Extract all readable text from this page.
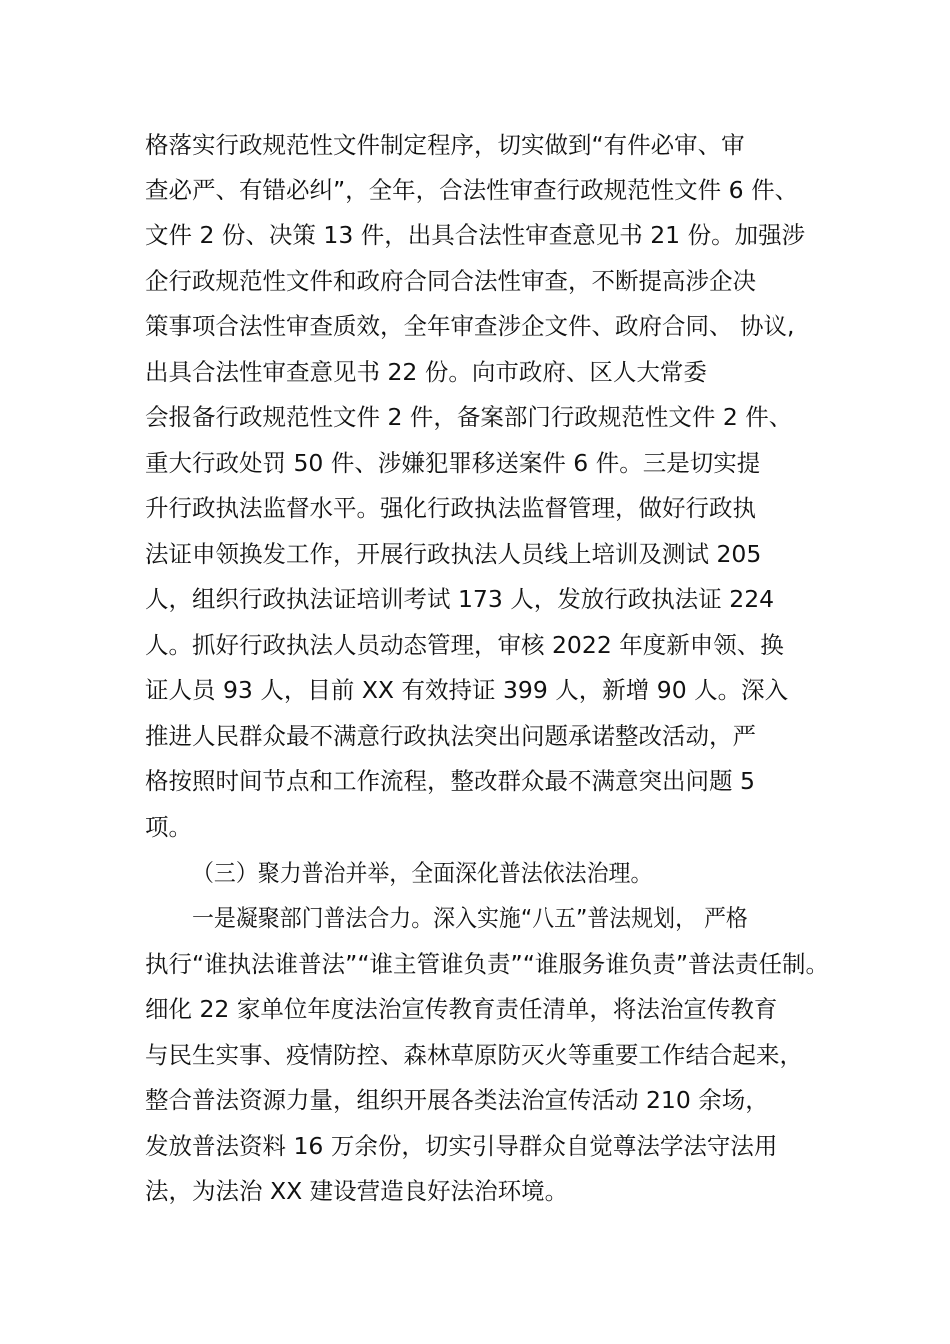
格落实行政规范性文件制定程序，切实做到“有件必审、审
查必严、有错必纠”，全年，合法性审查行政规范性文件 6 件、
文件 2 份、决策 13 件，出具合法性审查意见书 21 份。加强涉
企行政规范性文件和政府合同合法性审查，不断提高涉企决
策事项合法性审查质效，全年审查涉企文件、政府合同、 协议,
出具合法性审查意见书 22 份。向市政府、区人大常委
会报备行政规范性文件 2 件，备案部门行政规范性文件 2 件、
重大行政处罚 50 件、涉嫌犯罪移送案件 6 件。三是切实提
升行政执法监督水平。强化行政执法监督管理，做好行政执
法证申领换发工作，开展行政执法人员线上培训及测试 205
人，组织行政执法证培训考试 173 人，发放行政执法证 224
人。抓好行政执法人员动态管理，审核 2022 年度新申领、换
证人员 93 人，目前 XX 有效持证 399 人，新增 90 人。深入
推进人民群众最不满意行政执法突出问题承诺整改活动，严
格按照时间节点和工作流程，整改群众最不满意突出问题 5
项。
（三）聚力普治并举，全面深化普法依法治理。
一是凝聚部门普法合力。深入实施“八五”普法规划， 严格
执行“谁执法谁普法”“谁主管谁负责”“谁服务谁负责”普法责任制。
细化 22 家单位年度法治宣传教育责任清单，将法治宣传教育
与民生实事、疫情防控、森林草原防灭火等重要工作结合起来，
整合普法资源力量，组织开展各类法治宣传活动 210 余场，
发放普法资料 16 万余份，切实引导群众自觉尊法学法守法用
法，为法治 XX 建设营造良好法治环境。
